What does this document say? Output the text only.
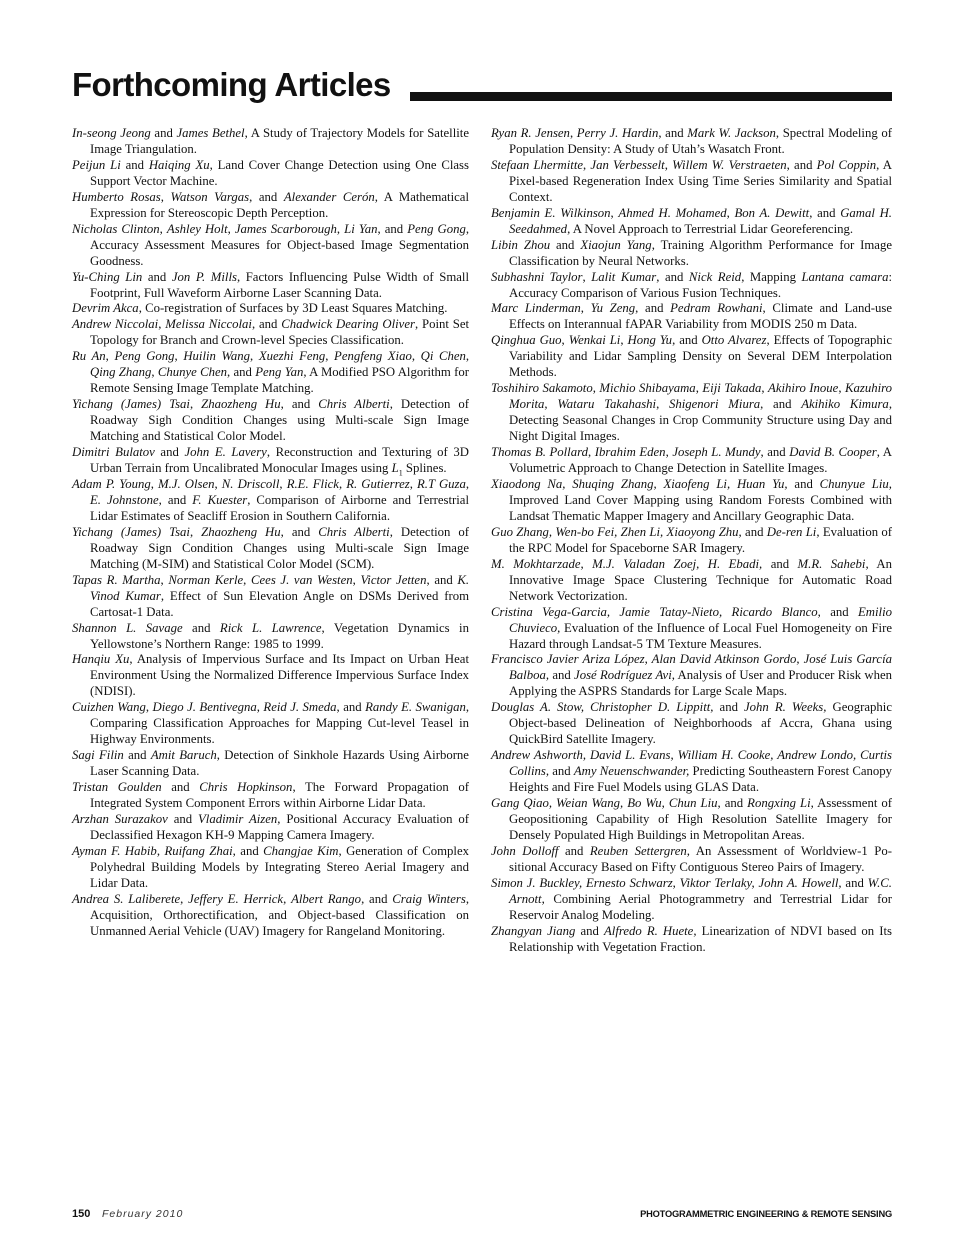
Forthcoming Articles

In-seong Jeong and James Bethel, A Study of Trajectory Models for Satellite Image Triangulation.

Peijun Li and Haiqing Xu, Land Cover Change Detection using One Class Support Vector Machine.

Humberto Rosas, Watson Vargas, and Alexander Cerón, A Mathematical Expression for Stereoscopic Depth Perception.

Nicholas Clinton, Ashley Holt, James Scarborough, Li Yan, and Peng Gong, Accuracy Assessment Measures for Object-based Image Segmentation Goodness.

Yu-Ching Lin and Jon P. Mills, Factors Influencing Pulse Width of Small Footprint, Full Waveform Airborne Laser Scanning Data.

Devrim Akca, Co-registration of Surfaces by 3D Least Squares Matching.

Andrew Niccolai, Melissa Niccolai, and Chadwick Dearing Oliver, Point Set Topology for Branch and Crown-level Species Classification.

Ru An, Peng Gong, Huilin Wang, Xuezhi Feng, Pengfeng Xiao, Qi Chen, Qing Zhang, Chunye Chen, and Peng Yan, A Modified PSO Algorithm for Remote Sensing Image Template Matching.

Yichang (James) Tsai, Zhaozheng Hu, and Chris Alberti, Detection of Roadway Sigh Condition Changes using Multi-scale Sign Image Matching and Statistical Color Model.

Dimitri Bulatov and John E. Lavery, Reconstruction and Texturing of 3D Urban Terrain from Uncalibrated Monocular Images using $L_1$ Splines.

Adam P. Young, M.J. Olsen, N. Driscoll, R.E. Flick, R. Gutierrez, R.T Guza, E. Johnstone, and F. Kuester, Comparison of Airborne and Terrestrial Lidar Estimates of Seacliff Erosion in Southern California.

Yichang (James) Tsai, Zhaozheng Hu, and Chris Alberti, Detection of Roadway Sign Condition Changes using Multi-scale Sign Image Matching (M-SIM) and Statistical Color Model (SCM).

Tapas R. Martha, Norman Kerle, Cees J. van Westen, Victor Jetten, and K. Vinod Kumar, Effect of Sun Elevation Angle on DSMs Derived from Cartosat-1 Data.

Shannon L. Savage and Rick L. Lawrence, Vegetation Dynamics in Yellowstone’s Northern Range: 1985 to 1999.

Hanqiu Xu, Analysis of Impervious Surface and Its Impact on Urban Heat Environment Using the Normalized Difference Impervious Surface Index (NDISI).

Cuizhen Wang, Diego J. Bentivegna, Reid J. Smeda, and Randy E. Swanigan, Comparing Classification Approaches for Mapping Cut-level Teasel in Highway Environments.

Sagi Filin and Amit Baruch, Detection of Sinkhole Hazards Using Airborne Laser Scanning Data.

Tristan Goulden and Chris Hopkinson, The Forward Propagation of Integrated System Component Errors within Airborne Lidar Data.

Arzhan Surazakov and Vladimir Aizen, Positional Accuracy Evaluation of Declassified Hexagon KH-9 Mapping Camera Imagery.

Ayman F. Habib, Ruifang Zhai, and Changjae Kim, Generation of Complex Polyhedral Building Models by Integrating Stereo Aerial Imagery and Lidar Data.

Andrea S. Laliberete, Jeffery E. Herrick, Albert Rango, and Craig Winters, Acquisition, Orthorectification, and Object-based Classification on Unmanned Aerial Vehicle (UAV) Imagery for Rangeland Monitoring.

Ryan R. Jensen, Perry J. Hardin, and Mark W. Jackson, Spectral Modeling of Population Density: A Study of Utah’s Wasatch Front.

Stefaan Lhermitte, Jan Verbesselt, Willem W. Verstraeten, and Pol Coppin, A Pixel-based Regeneration Index Using Time Series Similarity and Spatial Context.

Benjamin E. Wilkinson, Ahmed H. Mohamed, Bon A. Dewitt, and Gamal H. Seedahmed, A Novel Approach to Terrestrial Lidar Georeferencing.

Libin Zhou and Xiaojun Yang, Training Algorithm Performance for Image Classification by Neural Networks.

Subhashni Taylor, Lalit Kumar, and Nick Reid, Mapping Lantana camara: Accuracy Comparison of Various Fusion Techniques.

Marc Linderman, Yu Zeng, and Pedram Rowhani, Climate and Land-use Effects on Interannual fAPAR Variability from MODIS 250 m Data.

Qinghua Guo, Wenkai Li, Hong Yu, and Otto Alvarez, Effects of Topographic Variability and Lidar Sampling Density on Several DEM Interpolation Methods.

Toshihiro Sakamoto, Michio Shibayama, Eiji Takada, Akihiro Inoue, Kazuhiro Morita, Wataru Takahashi, Shigenori Miura, and Akihiko Kimura, Detecting Seasonal Changes in Crop Community Structure using Day and Night Digital Images.

Thomas B. Pollard, Ibrahim Eden, Joseph L. Mundy, and David B. Cooper, A Volumetric Approach to Change Detection in Satellite Images.

Xiaodong Na, Shuqing Zhang, Xiaofeng Li, Huan Yu, and Chunyue Liu, Improved Land Cover Mapping using Random Forests Combined with Landsat Thematic Mapper Imagery and Ancillary Geographic Data.

Guo Zhang, Wen-bo Fei, Zhen Li, Xiaoyong Zhu, and De-ren Li, Evaluation of the RPC Model for Spaceborne SAR Imagery.

M. Mokhtarzade, M.J. Valadan Zoej, H. Ebadi, and M.R. Sahebi, An Innovative Image Space Clustering Technique for Automatic Road Network Vectorization.

Cristina Vega-Garcia, Jamie Tatay-Nieto, Ricardo Blanco, and Emilio Chuvieco, Evaluation of the Influence of Local Fuel Homogeneity on Fire Hazard through Landsat-5 TM Texture Measures.

Francisco Javier Ariza López, Alan David Atkinson Gordo, José Luis García Balboa, and José Rodríguez Avi, Analysis of User and Producer Risk when Applying the ASPRS Standards for Large Scale Maps.

Douglas A. Stow, Christopher D. Lippitt, and John R. Weeks, Geographic Object-based Delineation of Neighborhoods af Accra, Ghana using QuickBird Satellite Imagery.

Andrew Ashworth, David L. Evans, William H. Cooke, Andrew Londo, Curtis Collins, and Amy Neuenschwander, Predicting Southeastern Forest Canopy Heights and Fire Fuel Models using GLAS Data.

Gang Qiao, Weian Wang, Bo Wu, Chun Liu, and Rongxing Li, Assessment of Geopositioning Capability of High Resolution Satellite Imagery for Densely Populated High Buildings in Metropolitan Areas.

John Dolloff and Reuben Settergren, An Assessment of Worldview-1 Positional Accuracy Based on Fifty Contiguous Stereo Pairs of Imagery.

Simon J. Buckley, Ernesto Schwarz, Viktor Terlaky, John A. Howell, and W.C. Arnott, Combining Aerial Photogrammetry and Terrestrial Lidar for Reservoir Analog Modeling.

Zhangyan Jiang and Alfredo R. Huete, Linearization of NDVI based on Its Relationship with Vegetation Fraction.

150 February 2010	PHOTOGRAMMETRIC ENGINEERING & REMOTE SENSING
